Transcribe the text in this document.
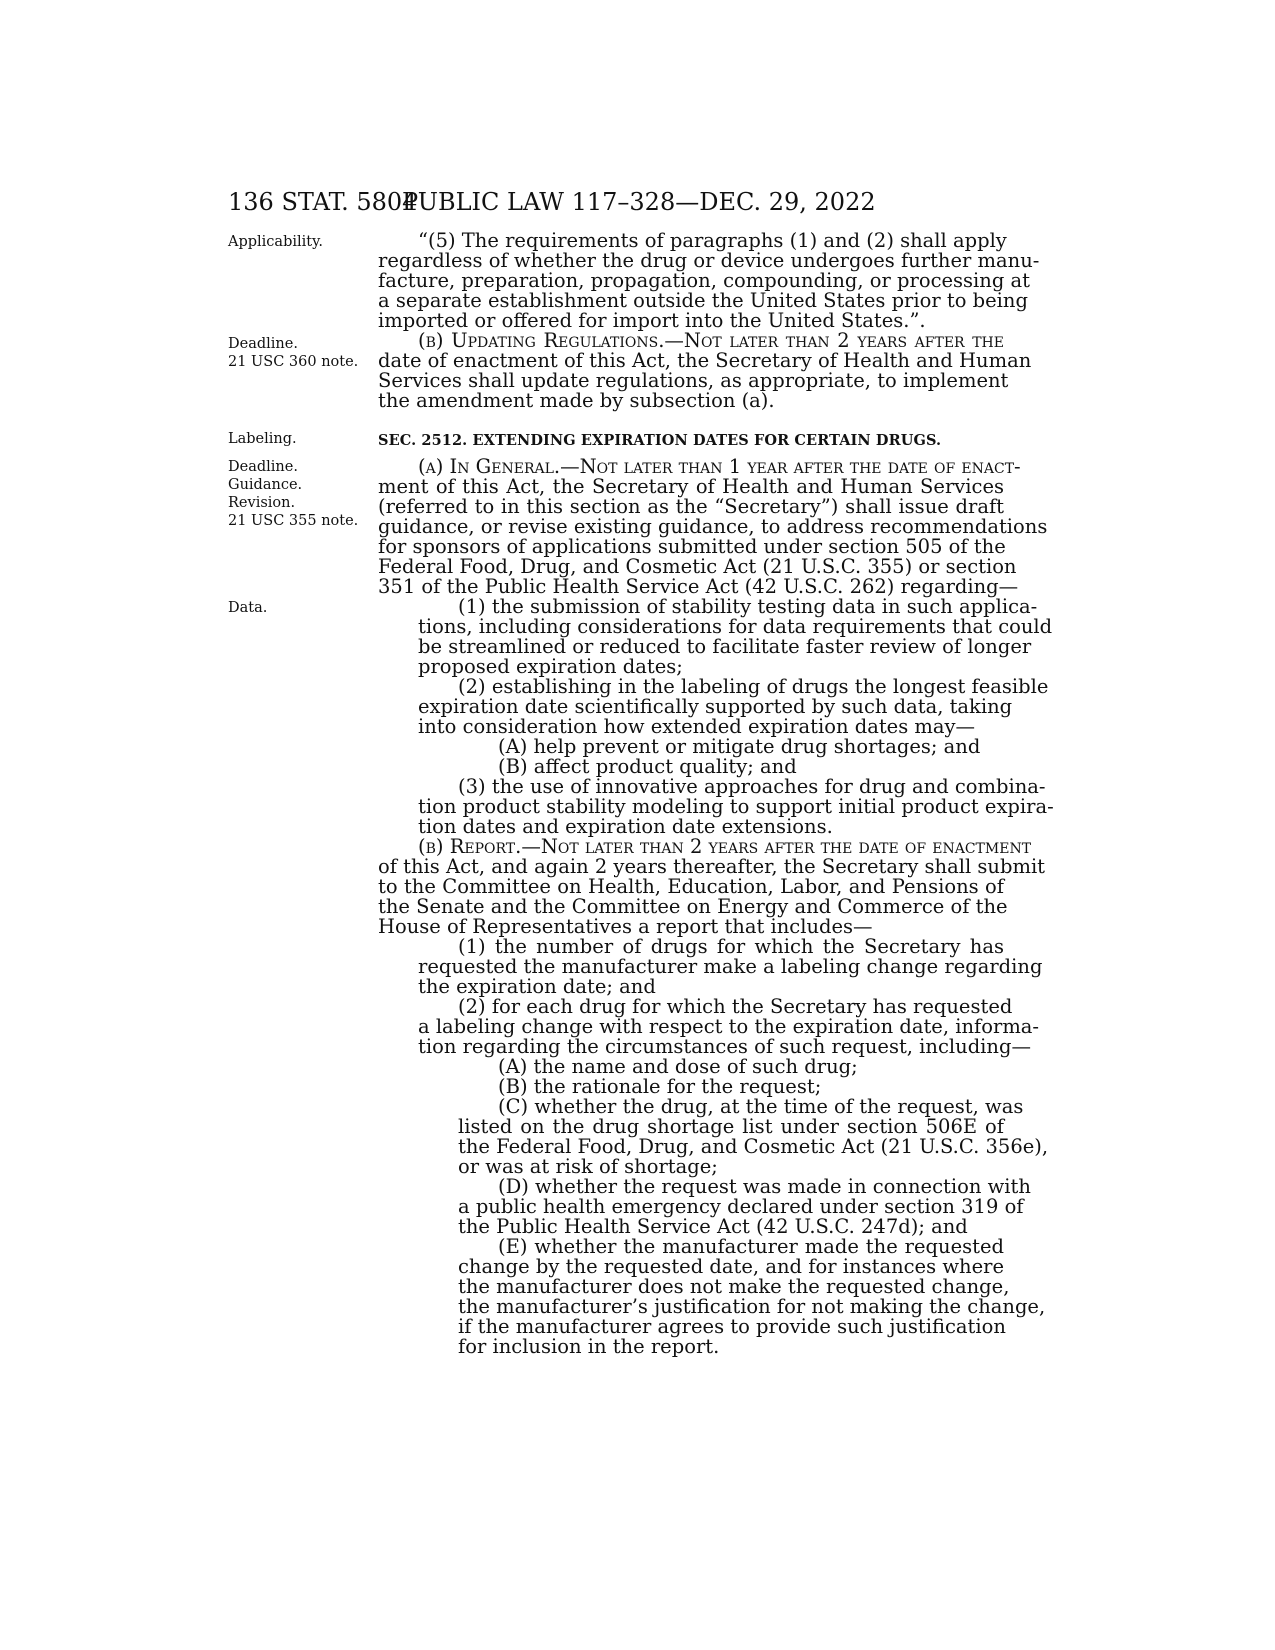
136 STAT. 5804
PUBLIC LAW 117–328—DEC. 29, 2022
Applicability.
Deadline.
21 USC 360 note.
Labeling.
Deadline.
Guidance.
Revision.
21 USC 355 note.
Data.
“(5) The requirements of paragraphs (1) and (2) shall apply
regardless of whether the drug or device undergoes further manu-
facture, preparation, propagation, compounding, or processing at
a separate establishment outside the United States prior to being
imported or offered for import into the United States.”.
(b) Updating Regulations.—Not later than 2 years after the
date of enactment of this Act, the Secretary of Health and Human
Services shall update regulations, as appropriate, to implement
the amendment made by subsection (a).
SEC. 2512. EXTENDING EXPIRATION DATES FOR CERTAIN DRUGS.
(a) In General.—Not later than 1 year after the date of enact-
ment of this Act, the Secretary of Health and Human Services
(referred to in this section as the “Secretary”) shall issue draft
guidance, or revise existing guidance, to address recommendations
for sponsors of applications submitted under section 505 of the
Federal Food, Drug, and Cosmetic Act (21 U.S.C. 355) or section
351 of the Public Health Service Act (42 U.S.C. 262) regarding—
(1) the submission of stability testing data in such applica-
tions, including considerations for data requirements that could
be streamlined or reduced to facilitate faster review of longer
proposed expiration dates;
(2) establishing in the labeling of drugs the longest feasible
expiration date scientifically supported by such data, taking
into consideration how extended expiration dates may—
(A) help prevent or mitigate drug shortages; and
(B) affect product quality; and
(3) the use of innovative approaches for drug and combina-
tion product stability modeling to support initial product expira-
tion dates and expiration date extensions.
(b) Report.—Not later than 2 years after the date of enactment
of this Act, and again 2 years thereafter, the Secretary shall submit
to the Committee on Health, Education, Labor, and Pensions of
the Senate and the Committee on Energy and Commerce of the
House of Representatives a report that includes—
(1) the number of drugs for which the Secretary has
requested the manufacturer make a labeling change regarding
the expiration date; and
(2) for each drug for which the Secretary has requested
a labeling change with respect to the expiration date, informa-
tion regarding the circumstances of such request, including—
(A) the name and dose of such drug;
(B) the rationale for the request;
(C) whether the drug, at the time of the request, was
listed on the drug shortage list under section 506E of
the Federal Food, Drug, and Cosmetic Act (21 U.S.C. 356e),
or was at risk of shortage;
(D) whether the request was made in connection with
a public health emergency declared under section 319 of
the Public Health Service Act (42 U.S.C. 247d); and
(E) whether the manufacturer made the requested
change by the requested date, and for instances where
the manufacturer does not make the requested change,
the manufacturer’s justification for not making the change,
if the manufacturer agrees to provide such justification
for inclusion in the report.
